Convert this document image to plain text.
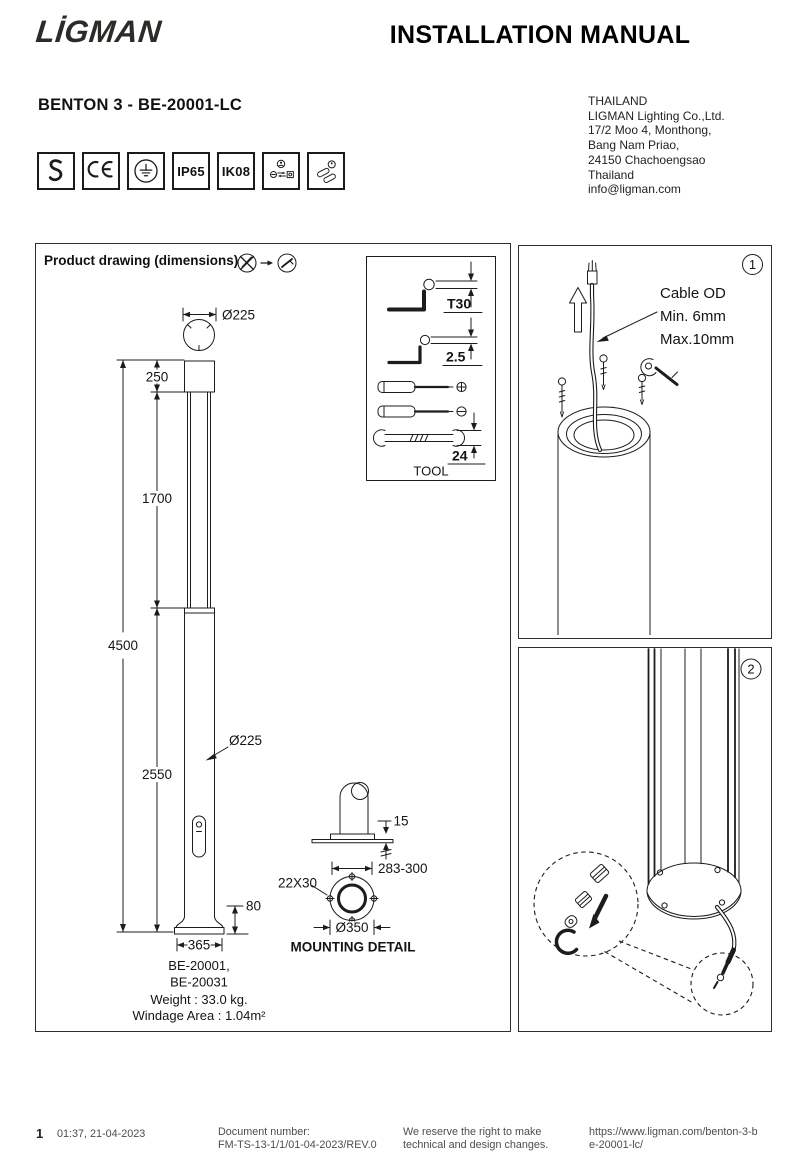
LİGMAN	INSTALLATION MANUAL
BENTON 3 - BE-20001-LC	THAILAND
LIGMAN Lighting Co.,Ltd.
17/2 Moo 4, Monthong,
Bang Nam Priao,
24150 Chachoengsao
Thailand
info@ligman.com
IP65 IK08
Product drawing (dimensions)
Ø225
Ø225
4500
250
1700
2550
80
365
BE-20001,
BE-20031
Weight : 33.0 kg.
Windage Area : 1.04m²
T30
2.5
24
TOOL
15
283-300
22X30
Ø350
MOUNTING DETAIL
1
Cable OD
Min. 6mm
Max.10mm
2
1 01:37, 21-04-2023	Document number:
FM-TS-13-1/1/01-04-2023/REV.0
We reserve the right to make
technical and design changes.
https://www.ligman.com/benton-3-be-20001-lc/
